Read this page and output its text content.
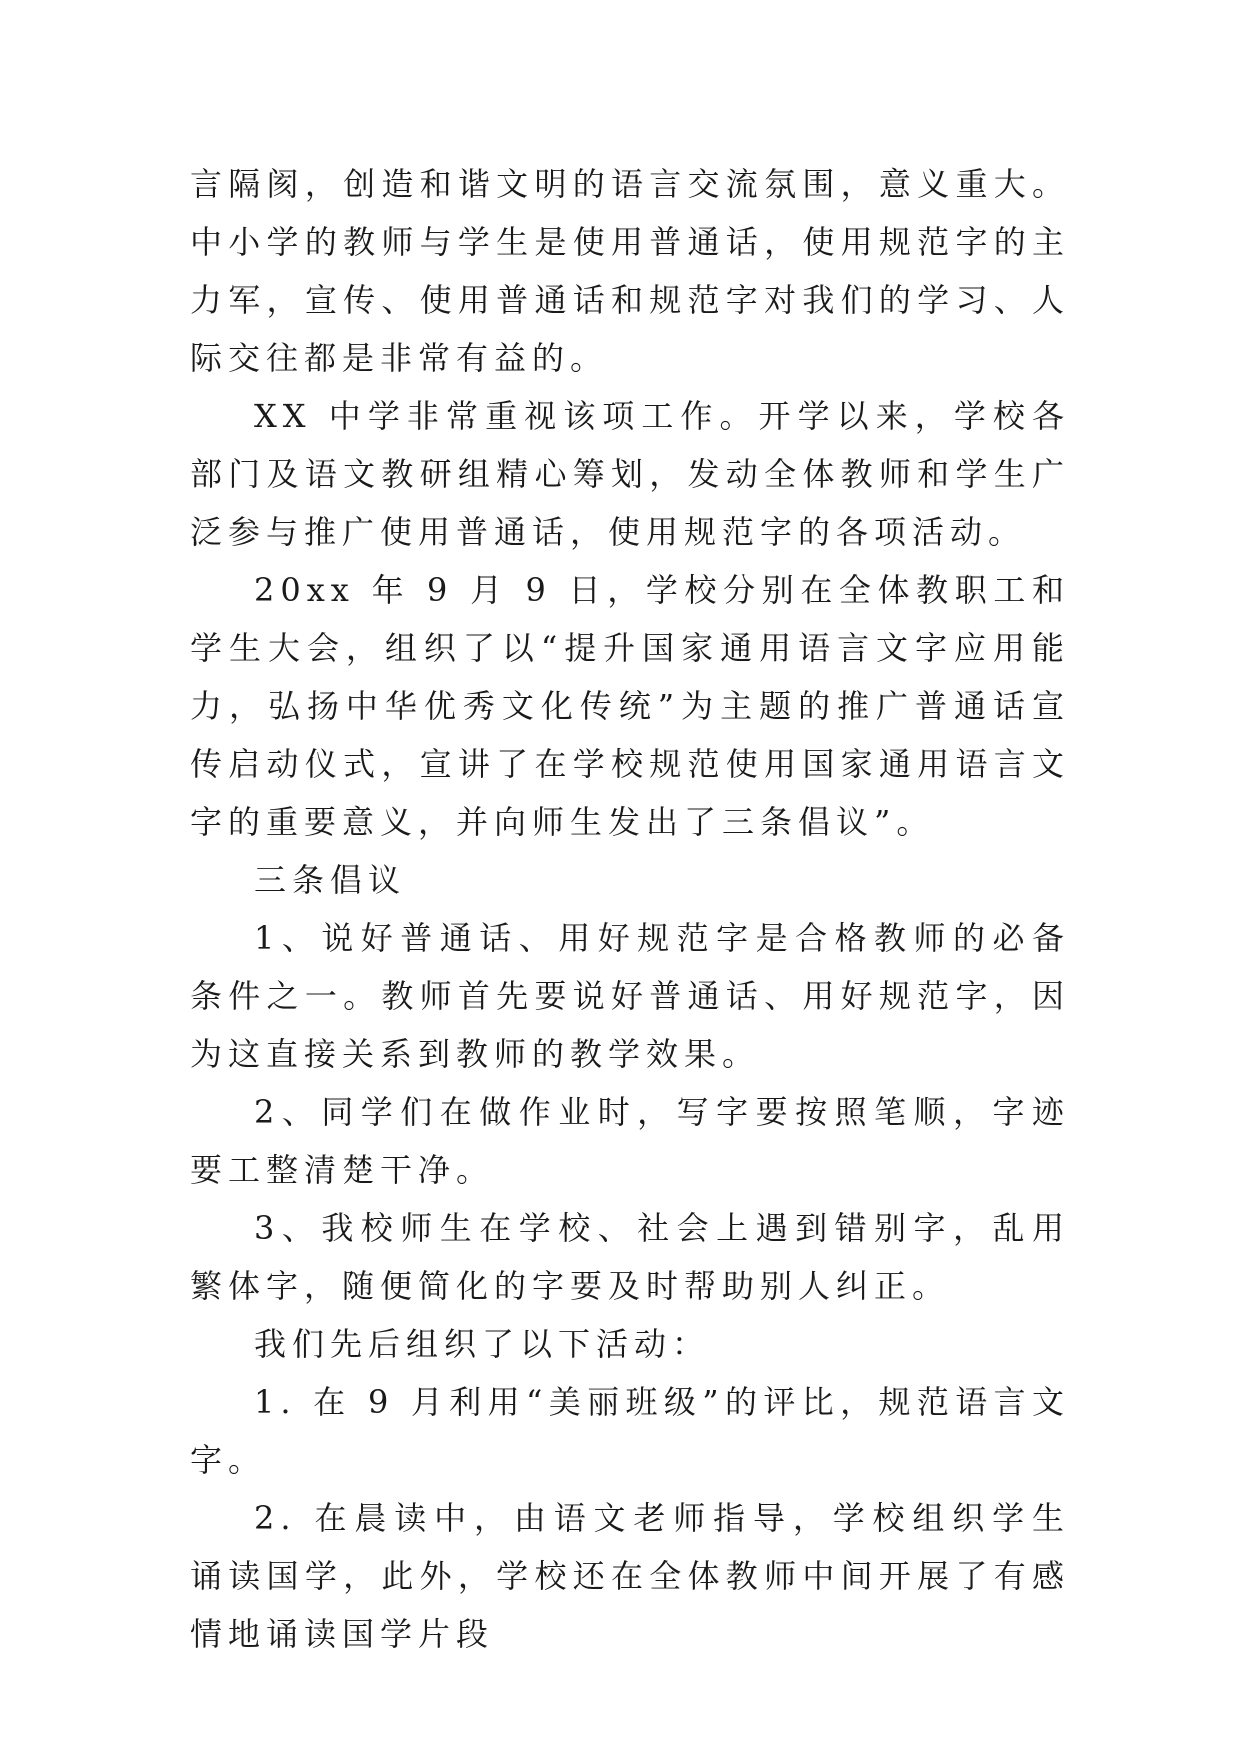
言隔阂，创造和谐文明的语言交流氛围，意义重大。中小学的教师与学生是使用普通话，使用规范字的主力军，宣传、使用普通话和规范字对我们的学习、人际交往都是非常有益的。

XX 中学非常重视该项工作。开学以来，学校各部门及语文教研组精心筹划，发动全体教师和学生广泛参与推广使用普通话，使用规范字的各项活动。

20xx 年 9 月 9 日，学校分别在全体教职工和学生大会，组织了以“提升国家通用语言文字应用能力，弘扬中华优秀文化传统”为主题的推广普通话宣传启动仪式，宣讲了在学校规范使用国家通用语言文字的重要意义，并向师生发出了三条倡议”。

三条倡议

1、说好普通话、用好规范字是合格教师的必备条件之一。教师首先要说好普通话、用好规范字，因为这直接关系到教师的教学效果。

2、同学们在做作业时，写字要按照笔顺，字迹要工整清楚干净。

3、我校师生在学校、社会上遇到错别字，乱用繁体字，随便简化的字要及时帮助别人纠正。

我们先后组织了以下活动：

1. 在 9 月利用“美丽班级”的评比，规范语言文字。

2. 在晨读中，由语文老师指导，学校组织学生诵读国学，此外，学校还在全体教师中间开展了有感情地诵读国学片段
